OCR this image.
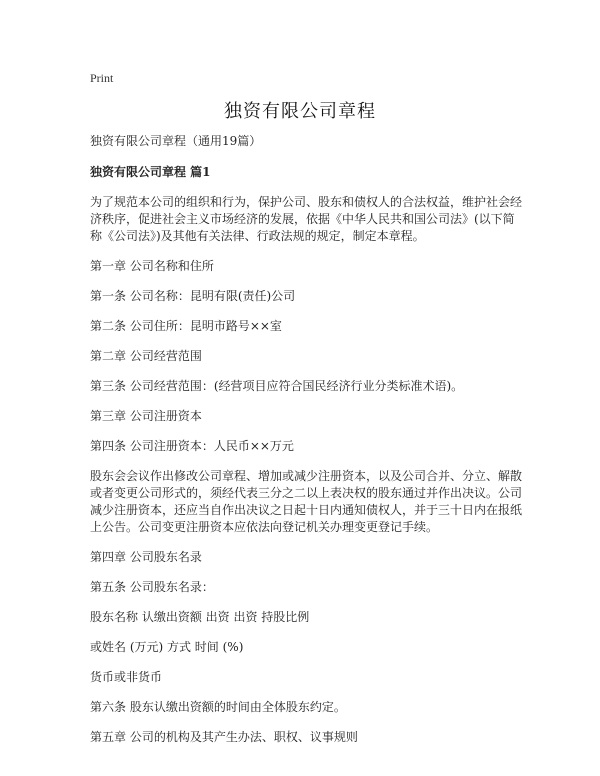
Print
独资有限公司章程

独资有限公司章程（通用19篇）

独资有限公司章程 篇1

为了规范本公司的组织和行为，保护公司、股东和债权人的合法权益，维护社会经济秩序，促进社会主义市场经济的发展，依据《中华人民共和国公司法》(以下简称《公司法》)及其他有关法律、行政法规的规定，制定本章程。

第一章 公司名称和住所

第一条 公司名称：昆明有限(责任)公司

第二条 公司住所：昆明市路号××室

第二章 公司经营范围

第三条 公司经营范围：(经营项目应符合国民经济行业分类标准术语)。

第三章 公司注册资本

第四条 公司注册资本：人民币××万元

股东会会议作出修改公司章程、增加或减少注册资本，以及公司合并、分立、解散或者变更公司形式的，须经代表三分之二以上表决权的股东通过并作出决议。公司减少注册资本，还应当自作出决议之日起十日内通知债权人，并于三十日内在报纸上公告。公司变更注册资本应依法向登记机关办理变更登记手续。

第四章 公司股东名录

第五条 公司股东名录：

股东名称 认缴出资额 出资 出资 持股比例

或姓名 (万元) 方式 时间 (%)

货币或非货币

第六条 股东认缴出资额的时间由全体股东约定。

第五章 公司的机构及其产生办法、职权、议事规则
